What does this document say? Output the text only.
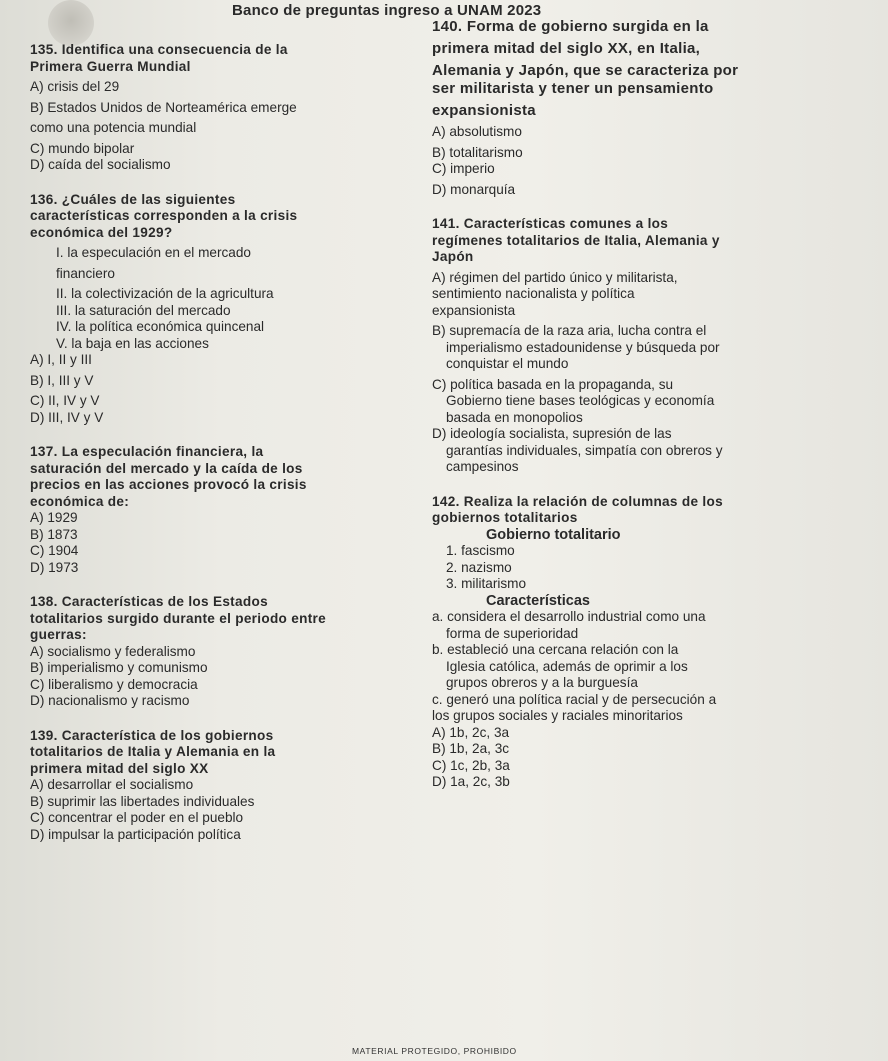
Banco de preguntas ingreso a UNAM 2023
135. Identifica una consecuencia de la
Primera Guerra Mundial
A) crisis del 29
B) Estados Unidos de Norteamérica emerge
como una potencia mundial
C) mundo bipolar
D) caída del socialismo
136. ¿Cuáles de las siguientes
características corresponden a la crisis
económica del 1929?
I. la especulación en el mercado
financiero
II. la colectivización de la agricultura
III. la saturación del mercado
IV. la política económica quincenal
V. la baja en las acciones
A) I, II y III
B) I, III y V
C) II, IV y V
D) III, IV y V
137. La especulación financiera, la
saturación del mercado y la caída de los
precios en las acciones provocó la crisis
económica de:
A) 1929
B) 1873
C) 1904
D) 1973
138. Características de los Estados
totalitarios surgido durante el periodo entre
guerras:
A) socialismo y federalismo
B) imperialismo y comunismo
C) liberalismo y democracia
D) nacionalismo y racismo
139. Característica de los gobiernos
totalitarios de Italia y Alemania en la
primera mitad del siglo XX
A) desarrollar el socialismo
B) suprimir las libertades individuales
C) concentrar el poder en el pueblo
D) impulsar la participación política
140. Forma de gobierno surgida en la
primera mitad del siglo XX, en Italia,
Alemania y Japón, que se caracteriza por
ser militarista y tener un pensamiento
expansionista
A) absolutismo
B) totalitarismo
C) imperio
D) monarquía
141. Características comunes a los
regímenes totalitarios de Italia, Alemania y
Japón
A) régimen del partido único y militarista,
sentimiento nacionalista y política
expansionista
B) supremacía de la raza aria, lucha contra el
imperialismo estadounidense y búsqueda por
conquistar el mundo
C) política basada en la propaganda, su
Gobierno tiene bases teológicas y economía
basada en monopolios
D) ideología socialista, supresión de las
garantías individuales, simpatía con obreros y
campesinos
142. Realiza la relación de columnas de los
gobiernos totalitarios
Gobierno totalitario
1. fascismo
2. nazismo
3. militarismo
Características
a. considera el desarrollo industrial como una
forma de superioridad
b. estableció una cercana relación con la
Iglesia católica, además de oprimir a los
grupos obreros y a la burguesía
c. generó una política racial y de persecución a
los grupos sociales y raciales minoritarios
A) 1b, 2c, 3a
B) 1b, 2a, 3c
C) 1c, 2b, 3a
D) 1a, 2c, 3b
MATERIAL PROTEGIDO, PROHIBIDO
